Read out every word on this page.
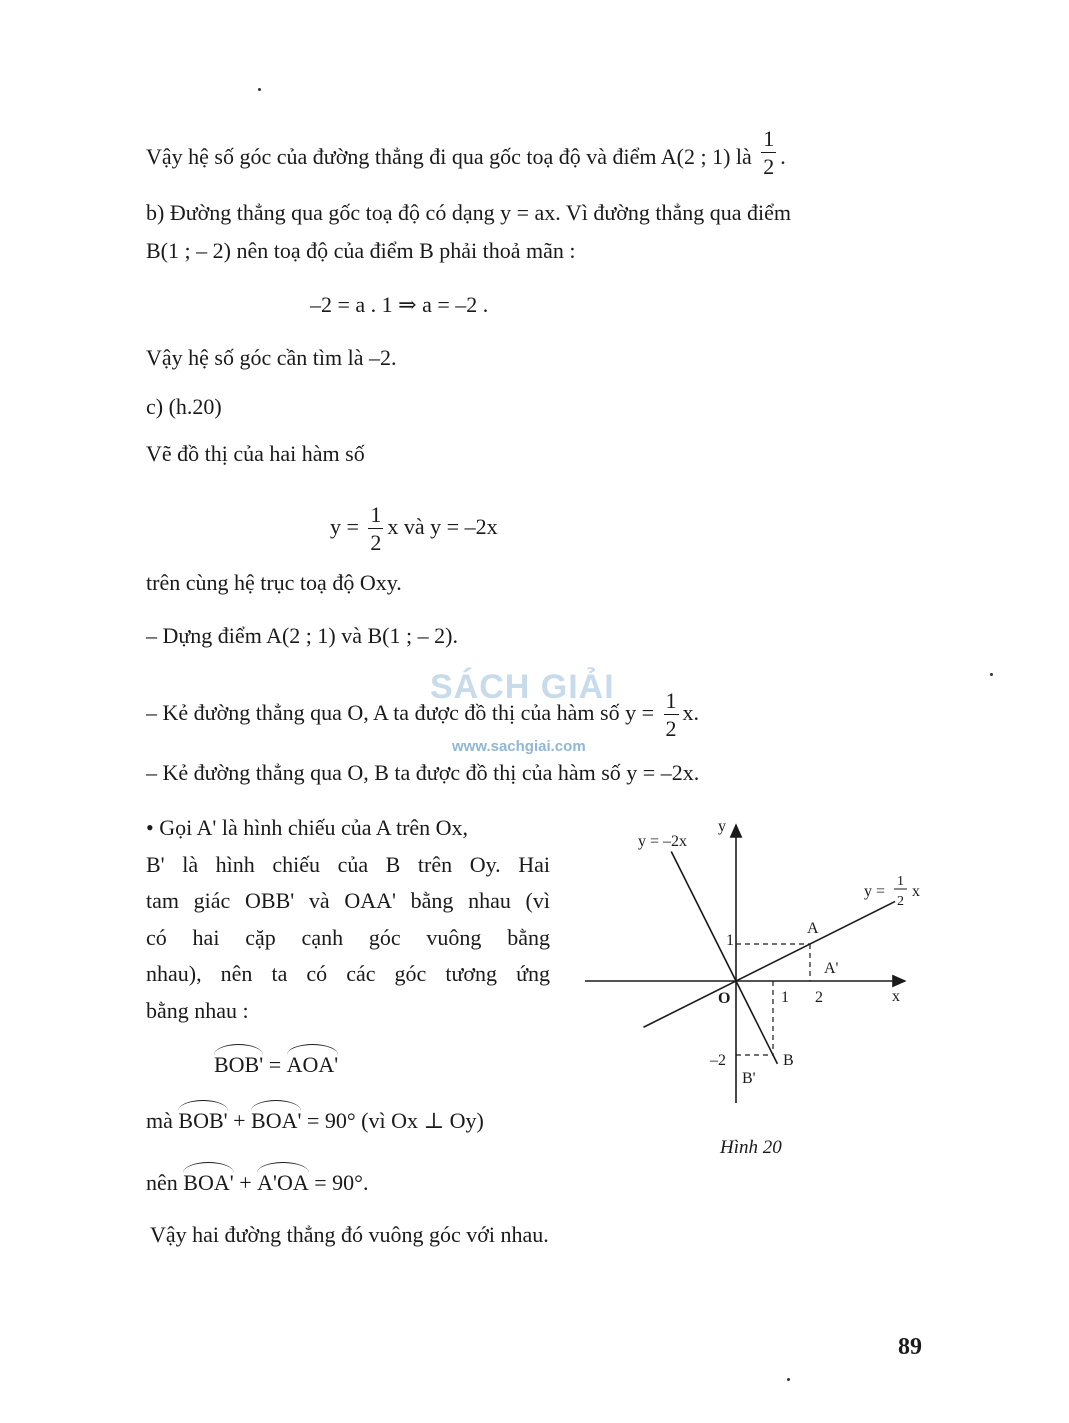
Vậy hệ số góc của đường thẳng đi qua gốc toạ độ và điểm A(2 ; 1) là $\frac{1}{2}$ .
b) Đường thẳng qua gốc toạ độ có dạng y = ax. Vì đường thẳng qua điểm
B(1 ; – 2) nên toạ độ của điểm B phải thoả mãn :
–2 = a . 1 ⇒ a = –2 .
Vậy hệ số góc cần tìm là –2.
c) (h.20)
Vẽ đồ thị của hai hàm số
$y = \frac{1}{2}$ x và y = –2x
trên cùng hệ trục toạ độ Oxy.
– Dựng điểm A(2 ; 1) và B(1 ; – 2).
– Kẻ đường thẳng qua O, A ta được đồ thị của hàm số $y = \frac{1}{2} x$.
– Kẻ đường thẳng qua O, B ta được đồ thị của hàm số y = –2x.
SÁCH GIẢI
www.sachgiai.com
• Gọi A' là hình chiếu của A trên Ox,
B' là hình chiếu của B trên Oy. Hai
tam giác OBB' và OAA' bằng nhau (vì
có hai cặp cạnh góc vuông bằng
nhau), nên ta có các góc tương ứng
bằng nhau :
BOB' = AOA'
mà BOB' + BOA' = 90° (vì Ox ⊥ Oy)
nên BOA' + A'OA = 90°.
Vậy hai đường thẳng đó vuông góc với nhau.
y
x
O
y = –2x
y =
1
2
x
1
–2
1 2
A
A'
B
B'
Hình 20
89
